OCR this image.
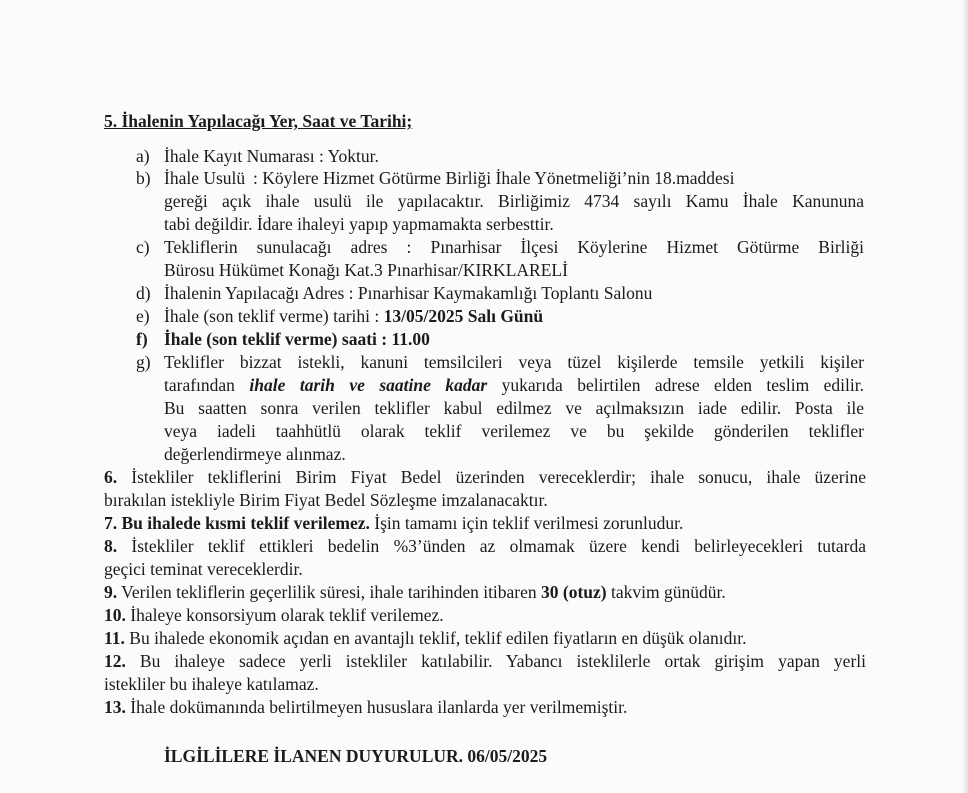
5. İhalenin Yapılacağı Yer, Saat ve Tarihi;
a) İhale Kayıt Numarası : Yoktur.
b) İhale Usulü : Köylere Hizmet Götürme Birliği İhale Yönetmeliği’nin 18.maddesi
gereği açık ihale usulü ile yapılacaktır. Birliğimiz 4734 sayılı Kamu İhale Kanununa
tabi değildir. İdare ihaleyi yapıp yapmamakta serbesttir.
c) Tekliflerin sunulacağı adres : Pınarhisar İlçesi Köylerine Hizmet Götürme Birliği
Bürosu Hükümet Konağı Kat.3 Pınarhisar/KIRKLARELİ
d) İhalenin Yapılacağı Adres : Pınarhisar Kaymakamlığı Toplantı Salonu
e) İhale (son teklif verme) tarihi : 13/05/2025 Salı Günü
f) İhale (son teklif verme) saati : 11.00
g) Teklifler bizzat istekli, kanuni temsilcileri veya tüzel kişilerde temsile yetkili kişiler
tarafından ihale tarih ve saatine kadar yukarıda belirtilen adrese elden teslim edilir.
Bu saatten sonra verilen teklifler kabul edilmez ve açılmaksızın iade edilir. Posta ile
veya iadeli taahhütlü olarak teklif verilemez ve bu şekilde gönderilen teklifler
değerlendirmeye alınmaz.
6. İstekliler tekliflerini Birim Fiyat Bedel üzerinden vereceklerdir; ihale sonucu, ihale üzerine
bırakılan istekliyle Birim Fiyat Bedel Sözleşme imzalanacaktır.
7. Bu ihalede kısmi teklif verilemez. İşin tamamı için teklif verilmesi zorunludur.
8. İstekliler teklif ettikleri bedelin %3’ünden az olmamak üzere kendi belirleyecekleri tutarda
geçici teminat vereceklerdir.
9. Verilen tekliflerin geçerlilik süresi, ihale tarihinden itibaren 30 (otuz) takvim günüdür.
10. İhaleye konsorsiyum olarak teklif verilemez.
11. Bu ihalede ekonomik açıdan en avantajlı teklif, teklif edilen fiyatların en düşük olanıdır.
12. Bu ihaleye sadece yerli istekliler katılabilir. Yabancı isteklilerle ortak girişim yapan yerli
istekliler bu ihaleye katılamaz.
13. İhale dokümanında belirtilmeyen hususlara ilanlarda yer verilmemiştir.
İLGİLİLERE İLANEN DUYURULUR. 06/05/2025
